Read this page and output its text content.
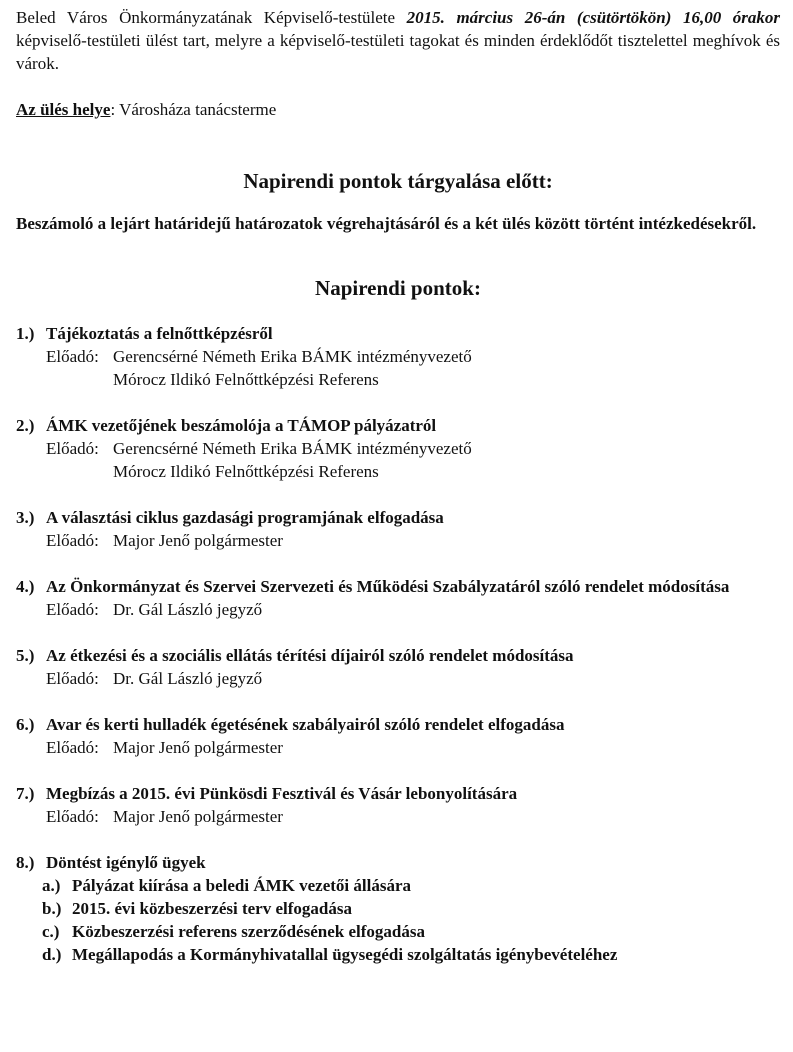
Beled Város Önkormányzatának Képviselő-testülete 2015. március 26-án (csütörtökön) 16,00 órakor képviselő-testületi ülést tart, melyre a képviselő-testületi tagokat és minden érdeklődőt tisztelettel meghívok és várok.

Az ülés helye: Városháza tanácsterme
Napirendi pontok tárgyalása előtt:
Beszámoló a lejárt határidejű határozatok végrehajtásáról és a két ülés között történt intézkedésekről.
Napirendi pontok:
1.) Tájékoztatás a felnőttképzésről
Előadó: Gerencsérné Németh Erika BÁMK intézményvezető
Mórocz Ildikó Felnőttképzési Referens
2.) ÁMK vezetőjének beszámolója a TÁMOP pályázatról
Előadó: Gerencsérné Németh Erika BÁMK intézményvezető
Mórocz Ildikó Felnőttképzési Referens
3.) A választási ciklus gazdasági programjának elfogadása
Előadó: Major Jenő polgármester
4.) Az Önkormányzat és Szervei Szervezeti és Működési Szabályzatáról szóló rendelet módosítása
Előadó: Dr. Gál László jegyző
5.) Az étkezési és a szociális ellátás térítési díjairól szóló rendelet módosítása
Előadó: Dr. Gál László jegyző
6.) Avar és kerti hulladék égetésének szabályairól szóló rendelet elfogadása
Előadó: Major Jenő polgármester
7.) Megbízás a 2015. évi Pünkösdi Fesztivál és Vásár lebonyolítására
Előadó: Major Jenő polgármester
8.) Döntést igénylő ügyek
a.) Pályázat kiírása a beledi ÁMK vezetői állására
b.) 2015. évi közbeszerzési terv elfogadása
c.) Közbeszerzési referens szerződésének elfogadása
d.) Megállapodás a Kormányhivatallal ügysegédi szolgáltatás igénybevételéhez
